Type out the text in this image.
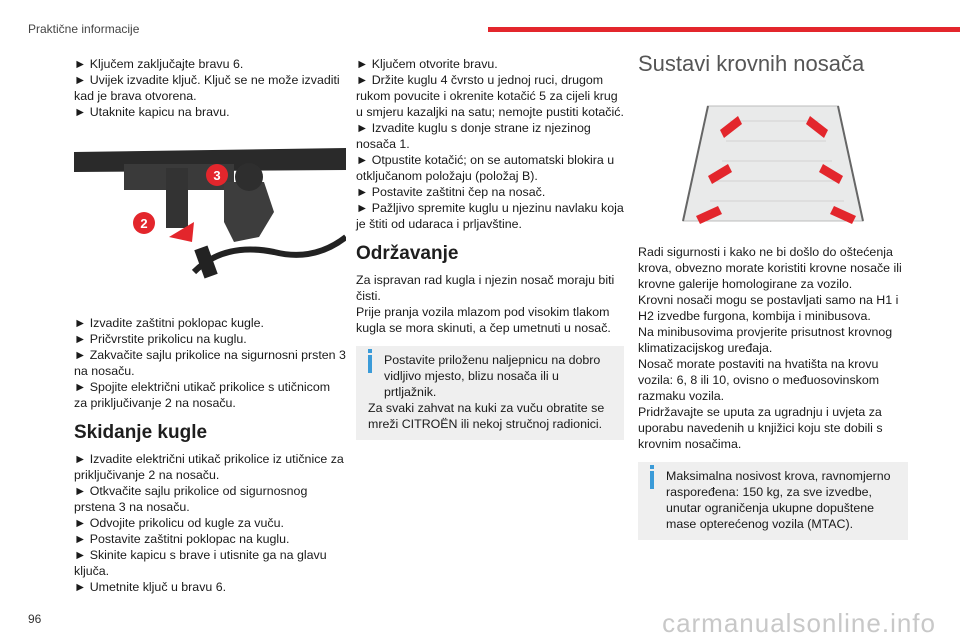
Praktične informacije

► Ključem zaključajte bravu 6.

► Uvijek izvadite ključ. Ključ se ne može izvaditi kad je brava otvorena.

► Utaknite kapicu na bravu.

3
2

► Izvadite zaštitni poklopac kugle.

► Pričvrstite prikolicu na kuglu.

► Zakvačite sajlu prikolice na sigurnosni prsten 3 na nosaču.

► Spojite električni utikač prikolice s utičnicom za priključivanje 2 na nosaču.

Skidanje kugle

► Izvadite električni utikač prikolice iz utičnice za priključivanje 2 na nosaču.

► Otkvačite sajlu prikolice od sigurnosnog prstena 3 na nosaču.

► Odvojite prikolicu od kugle za vuču.

► Postavite zaštitni poklopac na kuglu.

► Skinite kapicu s brave i utisnite ga na glavu ključa.

► Umetnite ključ u bravu 6.

► Ključem otvorite bravu.

► Držite kuglu 4 čvrsto u jednoj ruci, drugom rukom povucite i okrenite kotačić 5 za cijeli krug u smjeru kazaljki na satu; nemojte pustiti kotačić.

► Izvadite kuglu s donje strane iz njezinog nosača 1.

► Otpustite kotačić; on se automatski blokira u otključanom položaju (položaj B).

► Postavite zaštitni čep na nosač.

► Pažljivo spremite kuglu u njezinu navlaku koja je štiti od udaraca i prljavštine.

Održavanje

Za ispravan rad kugla i njezin nosač moraju biti čisti.

Prije pranja vozila mlazom pod visokim tlakom kugla se mora skinuti, a čep umetnuti u nosač.

Postavite priloženu naljepnicu na dobro vidljivo mjesto, blizu nosača ili u prtljažnik.

Za svaki zahvat na kuki za vuču obratite se mreži CITROËN ili nekoj stručnoj radionici.

Sustavi krovnih nosača

Radi sigurnosti i kako ne bi došlo do oštećenja krova, obvezno morate koristiti krovne nosače ili krovne galerije homologirane za vozilo.

Krovni nosači mogu se postavljati samo na H1 i H2 izvedbe furgona, kombija i minibusova.

Na minibusovima provjerite prisutnost krovnog klimatizacijskog uređaja.

Nosač morate postaviti na hvatišta na krovu vozila: 6, 8 ili 10, ovisno o međuosovinskom razmaku vozila.

Pridržavajte se uputa za ugradnju i uvjeta za uporabu navedenih u knjižici koju ste dobili s krovnim nosačima.

Maksimalna nosivost krova, ravnomjerno raspoređena: 150 kg, za sve izvedbe, unutar ograničenja ukupne dopuštene mase opterećenog vozila (MTAC).

96	carmanualsonline.info
